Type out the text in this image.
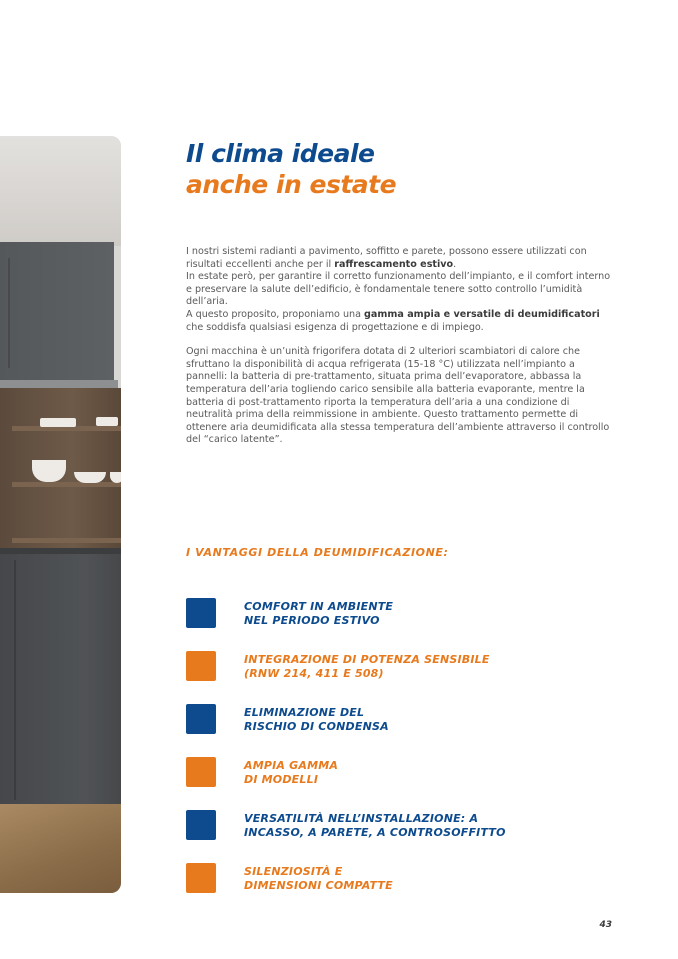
Il clima ideale
anche in estate

I nostri sistemi radianti a pavimento, soffitto e parete, possono essere utilizzati con risultati eccellenti anche per il raffrescamento estivo.

In estate però, per garantire il corretto funzionamento dell’impianto, e il comfort interno e preservare la salute dell’edificio, è fondamentale tenere sotto controllo l’umidità dell’aria.

A questo proposito, proponiamo una gamma ampia e versatile di deumidificatori che soddisfa qualsiasi esigenza di progettazione e di impiego.

Ogni macchina è un’unità frigorifera dotata di 2 ulteriori scambiatori di calore che sfruttano la disponibilità di acqua refrigerata (15-18 °C) utilizzata nell’impianto a pannelli: la batteria di pre-trattamento, situata prima dell’evaporatore, abbassa la temperatura dell’aria togliendo carico sensibile alla batteria evaporante, mentre la batteria di post-trattamento riporta la temperatura dell’aria a una condizione di neutralità prima della reimmissione in ambiente. Questo trattamento permette di ottenere aria deumidificata alla stessa temperatura dell’ambiente attraverso il controllo del “carico latente”.

I VANTAGGI DELLA DEUMIDIFICAZIONE:
COMFORT IN AMBIENTE
NEL PERIODO ESTIVO
INTEGRAZIONE DI POTENZA SENSIBILE
(RNW 214, 411 E 508)
ELIMINAZIONE DEL
RISCHIO DI CONDENSA
AMPIA GAMMA
DI MODELLI
VERSATILITÀ NELL’INSTALLAZIONE: A
INCASSO, A PARETE, A CONTROSOFFITTO
SILENZIOSITÀ E
DIMENSIONI COMPATTE
43
